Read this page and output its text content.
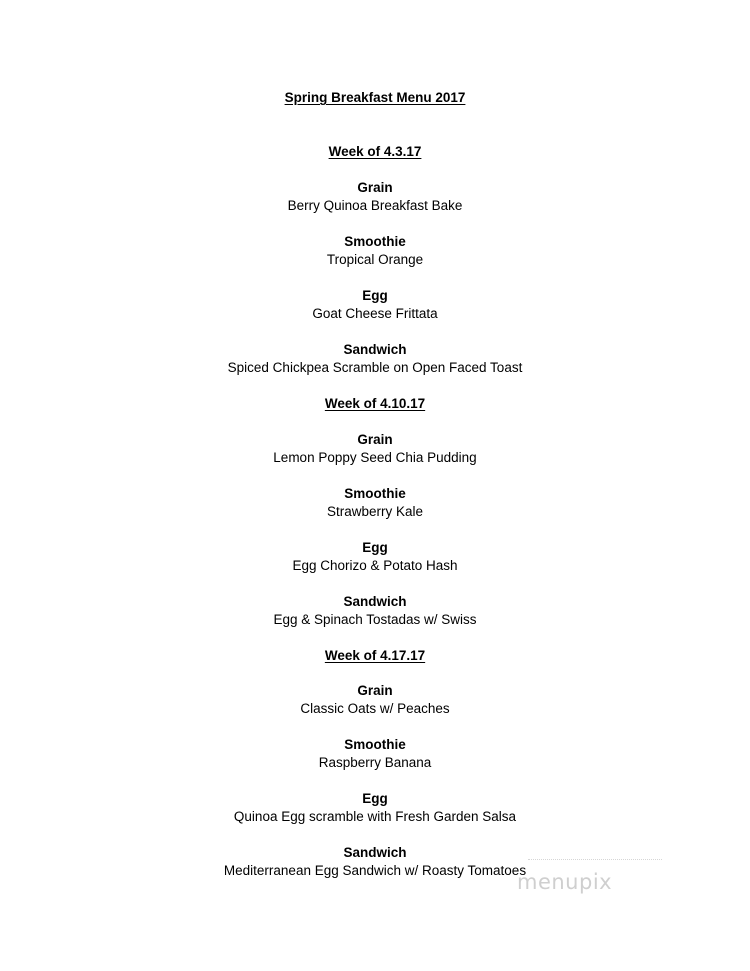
Spring Breakfast Menu 2017
Week of 4.3.17
Grain
Berry Quinoa Breakfast Bake
Smoothie
Tropical Orange
Egg
Goat Cheese Frittata
Sandwich
Spiced Chickpea Scramble on Open Faced Toast
Week of 4.10.17
Grain
Lemon Poppy Seed Chia Pudding
Smoothie
Strawberry Kale
Egg
Egg Chorizo & Potato Hash
Sandwich
Egg & Spinach Tostadas w/ Swiss
Week of 4.17.17
Grain
Classic Oats w/ Peaches
Smoothie
Raspberry Banana
Egg
Quinoa Egg scramble with Fresh Garden Salsa
Sandwich
Mediterranean Egg Sandwich w/ Roasty Tomatoes
menupix
